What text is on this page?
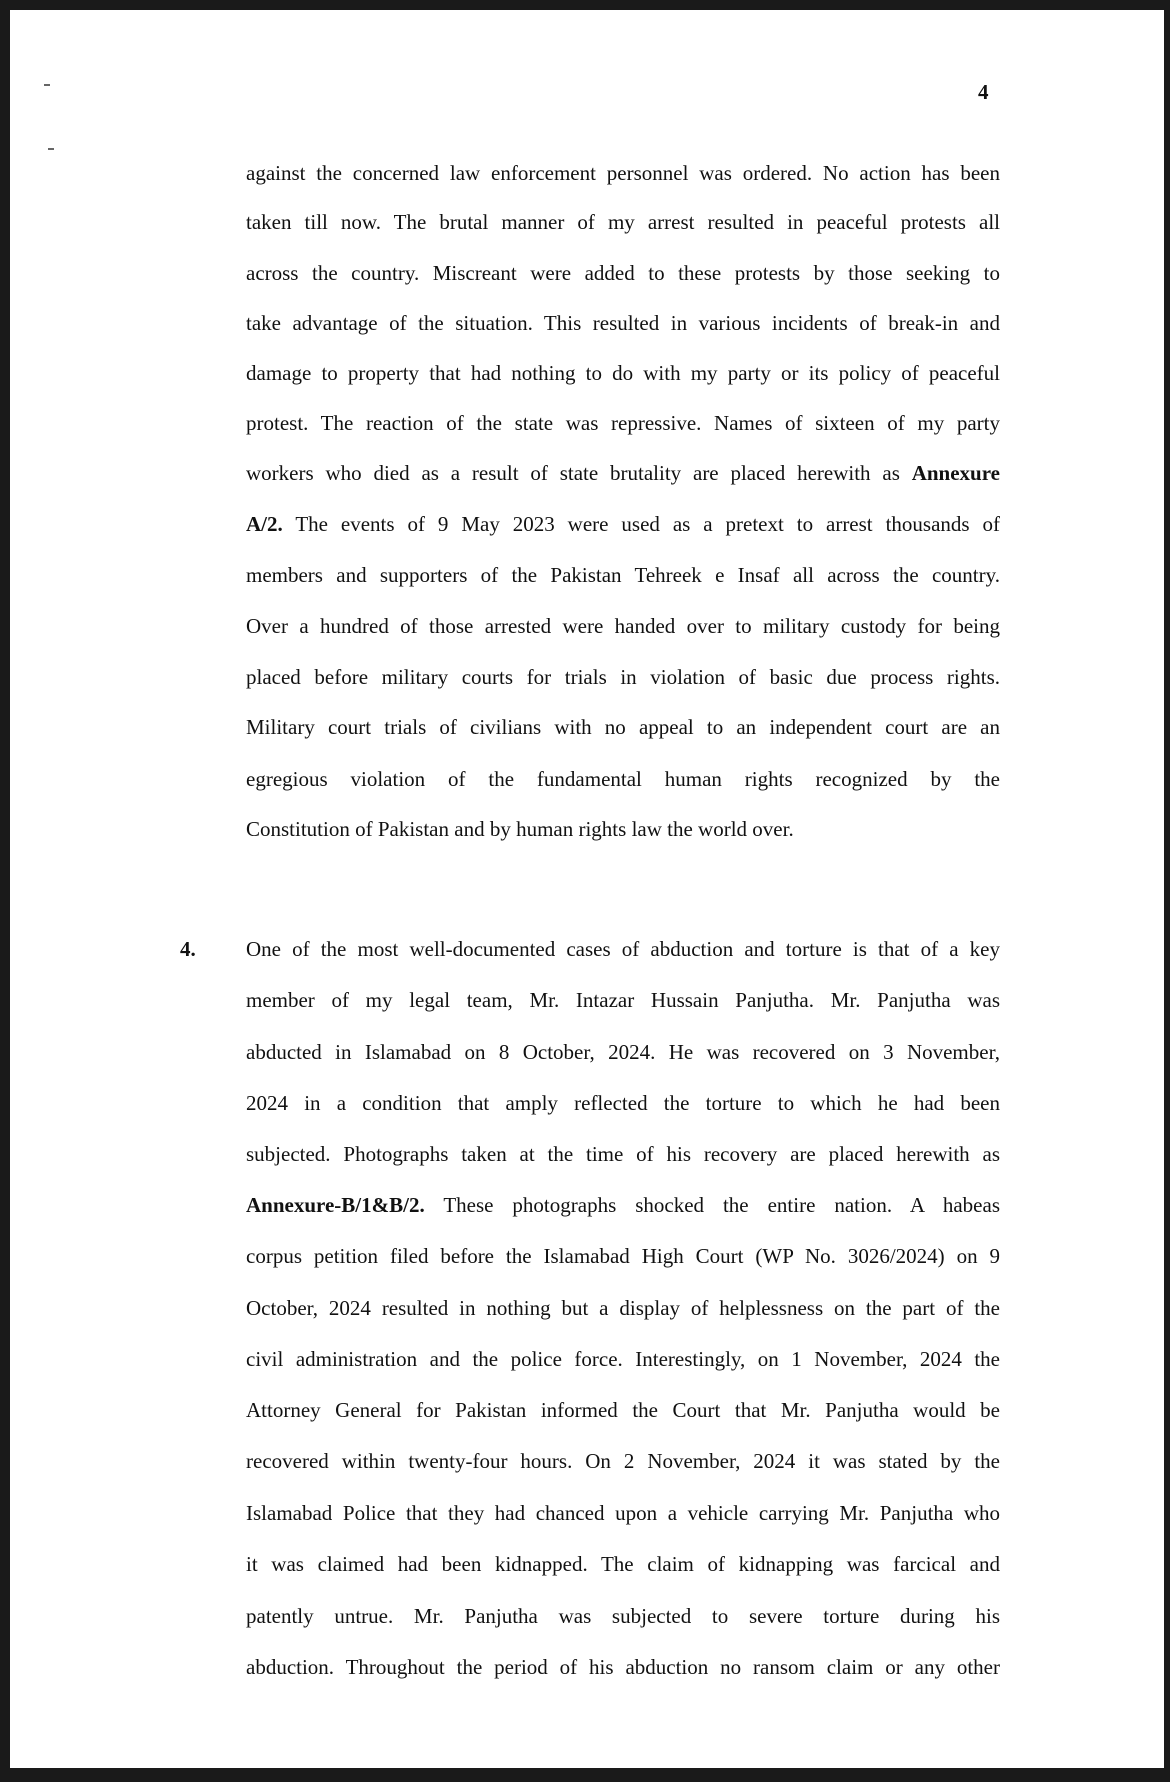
4
against the concerned law enforcement personnel was ordered. No action has been
taken till now. The brutal manner of my arrest resulted in peaceful protests all
across the country. Miscreant were added to these protests by those seeking to
take advantage of the situation. This resulted in various incidents of break-in and
damage to property that had nothing to do with my party or its policy of peaceful
protest. The reaction of the state was repressive. Names of sixteen of my party
workers who died as a result of state brutality are placed herewith as Annexure
A/2. The events of 9 May 2023 were used as a pretext to arrest thousands of
members and supporters of the Pakistan Tehreek e Insaf all across the country.
Over a hundred of those arrested were handed over to military custody for being
placed before military courts for trials in violation of basic due process rights.
Military court trials of civilians with no appeal to an independent court are an
egregious violation of the fundamental human rights recognized by the
Constitution of Pakistan and by human rights law the world over.
4. One of the most well-documented cases of abduction and torture is that of a key
member of my legal team, Mr. Intazar Hussain Panjutha. Mr. Panjutha was
abducted in Islamabad on 8 October, 2024. He was recovered on 3 November,
2024 in a condition that amply reflected the torture to which he had been
subjected. Photographs taken at the time of his recovery are placed herewith as
Annexure-B/1&B/2. These photographs shocked the entire nation. A habeas
corpus petition filed before the Islamabad High Court (WP No. 3026/2024) on 9
October, 2024 resulted in nothing but a display of helplessness on the part of the
civil administration and the police force. Interestingly, on 1 November, 2024 the
Attorney General for Pakistan informed the Court that Mr. Panjutha would be
recovered within twenty-four hours. On 2 November, 2024 it was stated by the
Islamabad Police that they had chanced upon a vehicle carrying Mr. Panjutha who
it was claimed had been kidnapped. The claim of kidnapping was farcical and
patently untrue. Mr. Panjutha was subjected to severe torture during his
abduction. Throughout the period of his abduction no ransom claim or any other
